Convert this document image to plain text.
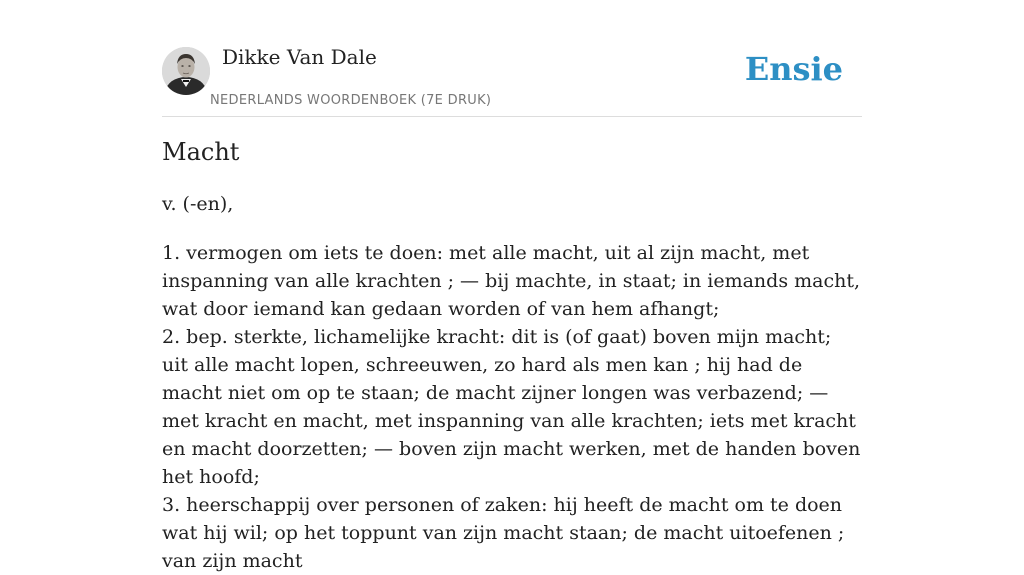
Dikke Van Dale
NEDERLANDS WOORDENBOEK (7E DRUK)
Ensie
Macht
v. (-en),

1. vermogen om iets te doen: met alle macht, uit al zijn macht, met inspanning van alle krachten ; — bij machte, in staat; in iemands macht, wat door iemand kan gedaan worden of van hem afhangt;

2. bep. sterkte, lichamelijke kracht: dit is (of gaat) boven mijn macht; uit alle macht lopen, schreeuwen, zo hard als men kan ; hij had de macht niet om op te staan; de macht zijner longen was verbazend; — met kracht en macht, met inspanning van alle krachten; iets met kracht en macht doorzetten; — boven zijn macht werken, met de handen boven het hoofd;

3. heerschappij over personen of zaken: hij heeft de macht om te doen wat hij wil; op het toppunt van zijn macht staan; de macht uitoefenen ; van zijn macht
